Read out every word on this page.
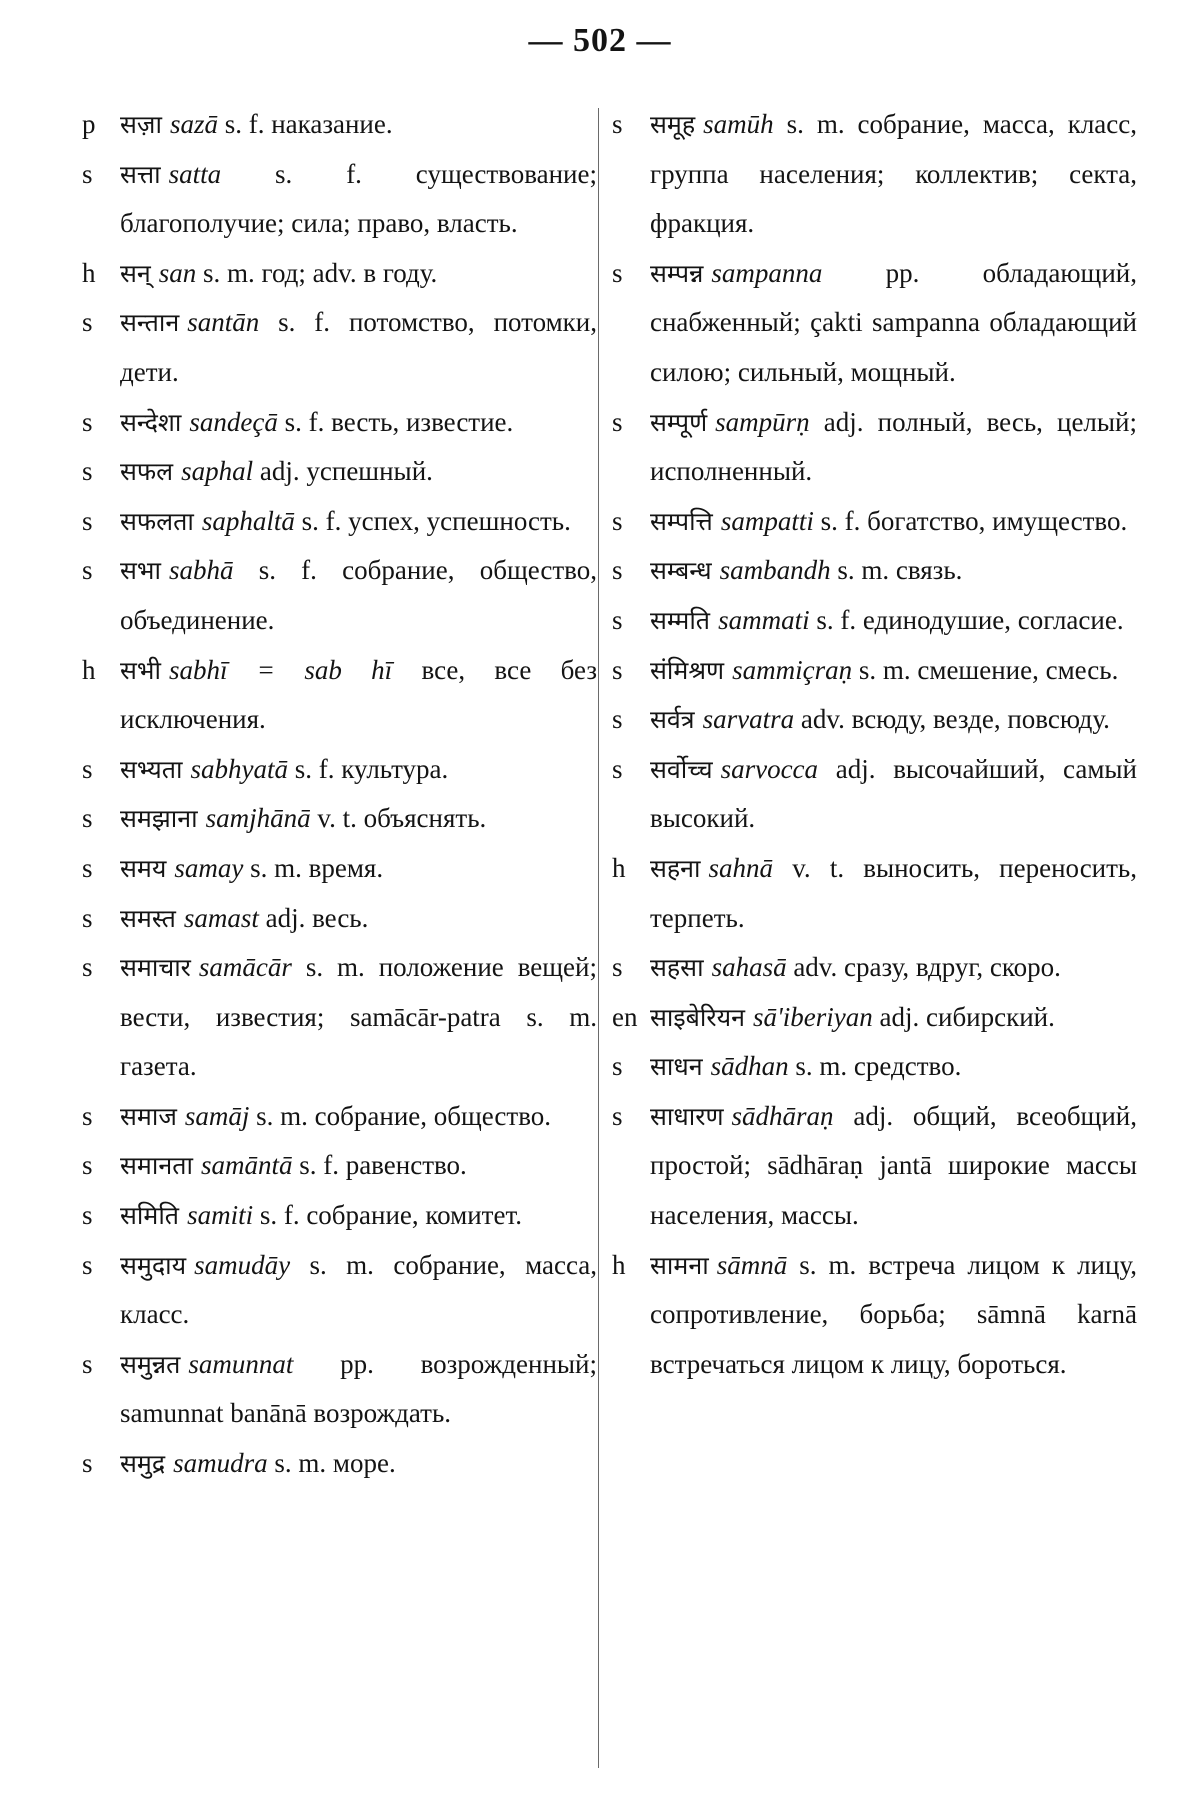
— 502 —

p सज़ा sazā s. f. наказание.

s सत्ता satta s. f. существование; благополучие; сила; право, власть.

h सन् san s. m. год; adv. в году.

s सन्तान santān s. f. потомство, потомки, дети.

s सन्देशा sandeçā s. f. весть, известие.

s सफल saphal adj. успешный.

s सफलता saphaltā s. f. успех, успешность.

s सभा sabhā s. f. собрание, общество, объединение.

h सभी sabhī = sab hī все, все без исключения.

s सभ्यता sabhyatā s. f. культура.

s समझाना samjhānā v. t. объяснять.

s समय samay s. m. время.

s समस्त samast adj. весь.

s समाचार samācār s. m. положение вещей; вести, известия; samācār-patra s. m. газета.

s समाज samāj s. m. собрание, общество.

s समानता samāntā s. f. равенство.

s समिति samiti s. f. собрание, комитет.

s समुदाय samudāy s. m. собрание, масса, класс.

s समुन्नत samunnat pp. возрожденный; samunnat banānā возрождать.

s समुद्र samudra s. m. море.

s समूह samūh s. m. собрание, масса, класс, группа населения; коллектив; секта, фракция.

s सम्पन्न sampanna pp. обладающий, снабженный; çakti sampanna обладающий силою; сильный, мощный.

s सम्पूर्ण sampūrṇ adj. полный, весь, целый; исполненный.

s सम्पत्ति sampatti s. f. богатство, имущество.

s सम्बन्ध sambandh s. m. связь.

s सम्मति sammati s. f. единодушие, согласие.

s संमिश्रण sammiçraṇ s. m. смешение, смесь.

s सर्वत्र sarvatra adv. всюду, везде, повсюду.

s सर्वोच्च sarvocca adj. высочайший, самый высокий.

h सहना sahnā v. t. выносить, переносить, терпеть.

s सहसा sahasā adv. сразу, вдруг, скоро.

en साइबेरियन sā'iberiyan adj. сибирский.

s साधन sādhan s. m. средство.

s साधारण sādhāraṇ adj. общий, всеобщий, простой; sādhāraṇ jantā широкие массы населения, массы.

h सामना sāmnā s. m. встреча лицом к лицу, сопротивление, борьба; sāmnā karnā встречаться лицом к лицу, бороться.
